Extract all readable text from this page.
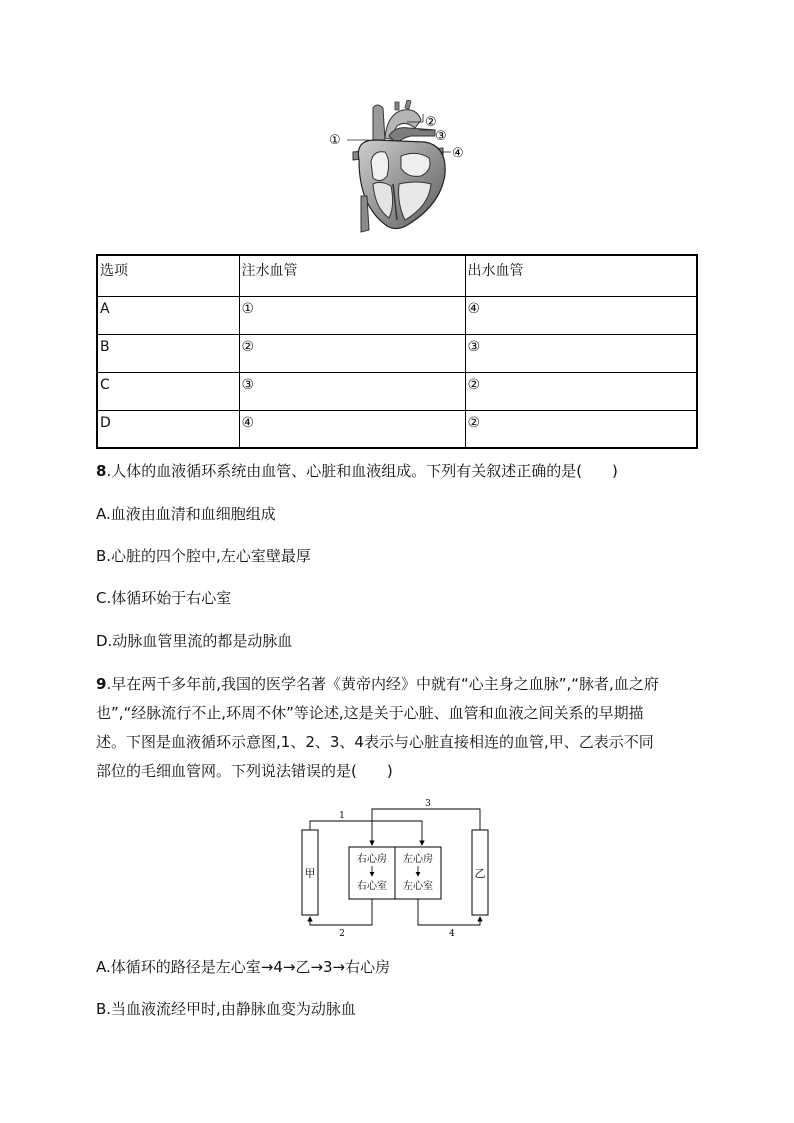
①
②
③
④
选项	注水血管	出水血管
A	①	④
B	②	③
C	③	②
D	④	②
8.人体的血液循环系统由血管、心脏和血液组成。下列有关叙述正确的是(　　)
A.血液由血清和血细胞组成
B.心脏的四个腔中,左心室壁最厚
C.体循环始于右心室
D.动脉血管里流的都是动脉血
9.早在两千多年前,我国的医学名著《黄帝内经》中就有“心主身之血脉”,“脉者,血之府
也”,“经脉流行不止,环周不休”等论述,这是关于心脏、血管和血液之间关系的早期描
述。下图是血液循环示意图,1、2、3、4表示与心脏直接相连的血管,甲、乙表示不同
部位的毛细血管网。下列说法错误的是(　　)
甲	乙
右心房 左心房
右心室 左心室
1
2
3
4
A.体循环的路径是左心室→4→乙→3→右心房
B.当血液流经甲时,由静脉血变为动脉血
